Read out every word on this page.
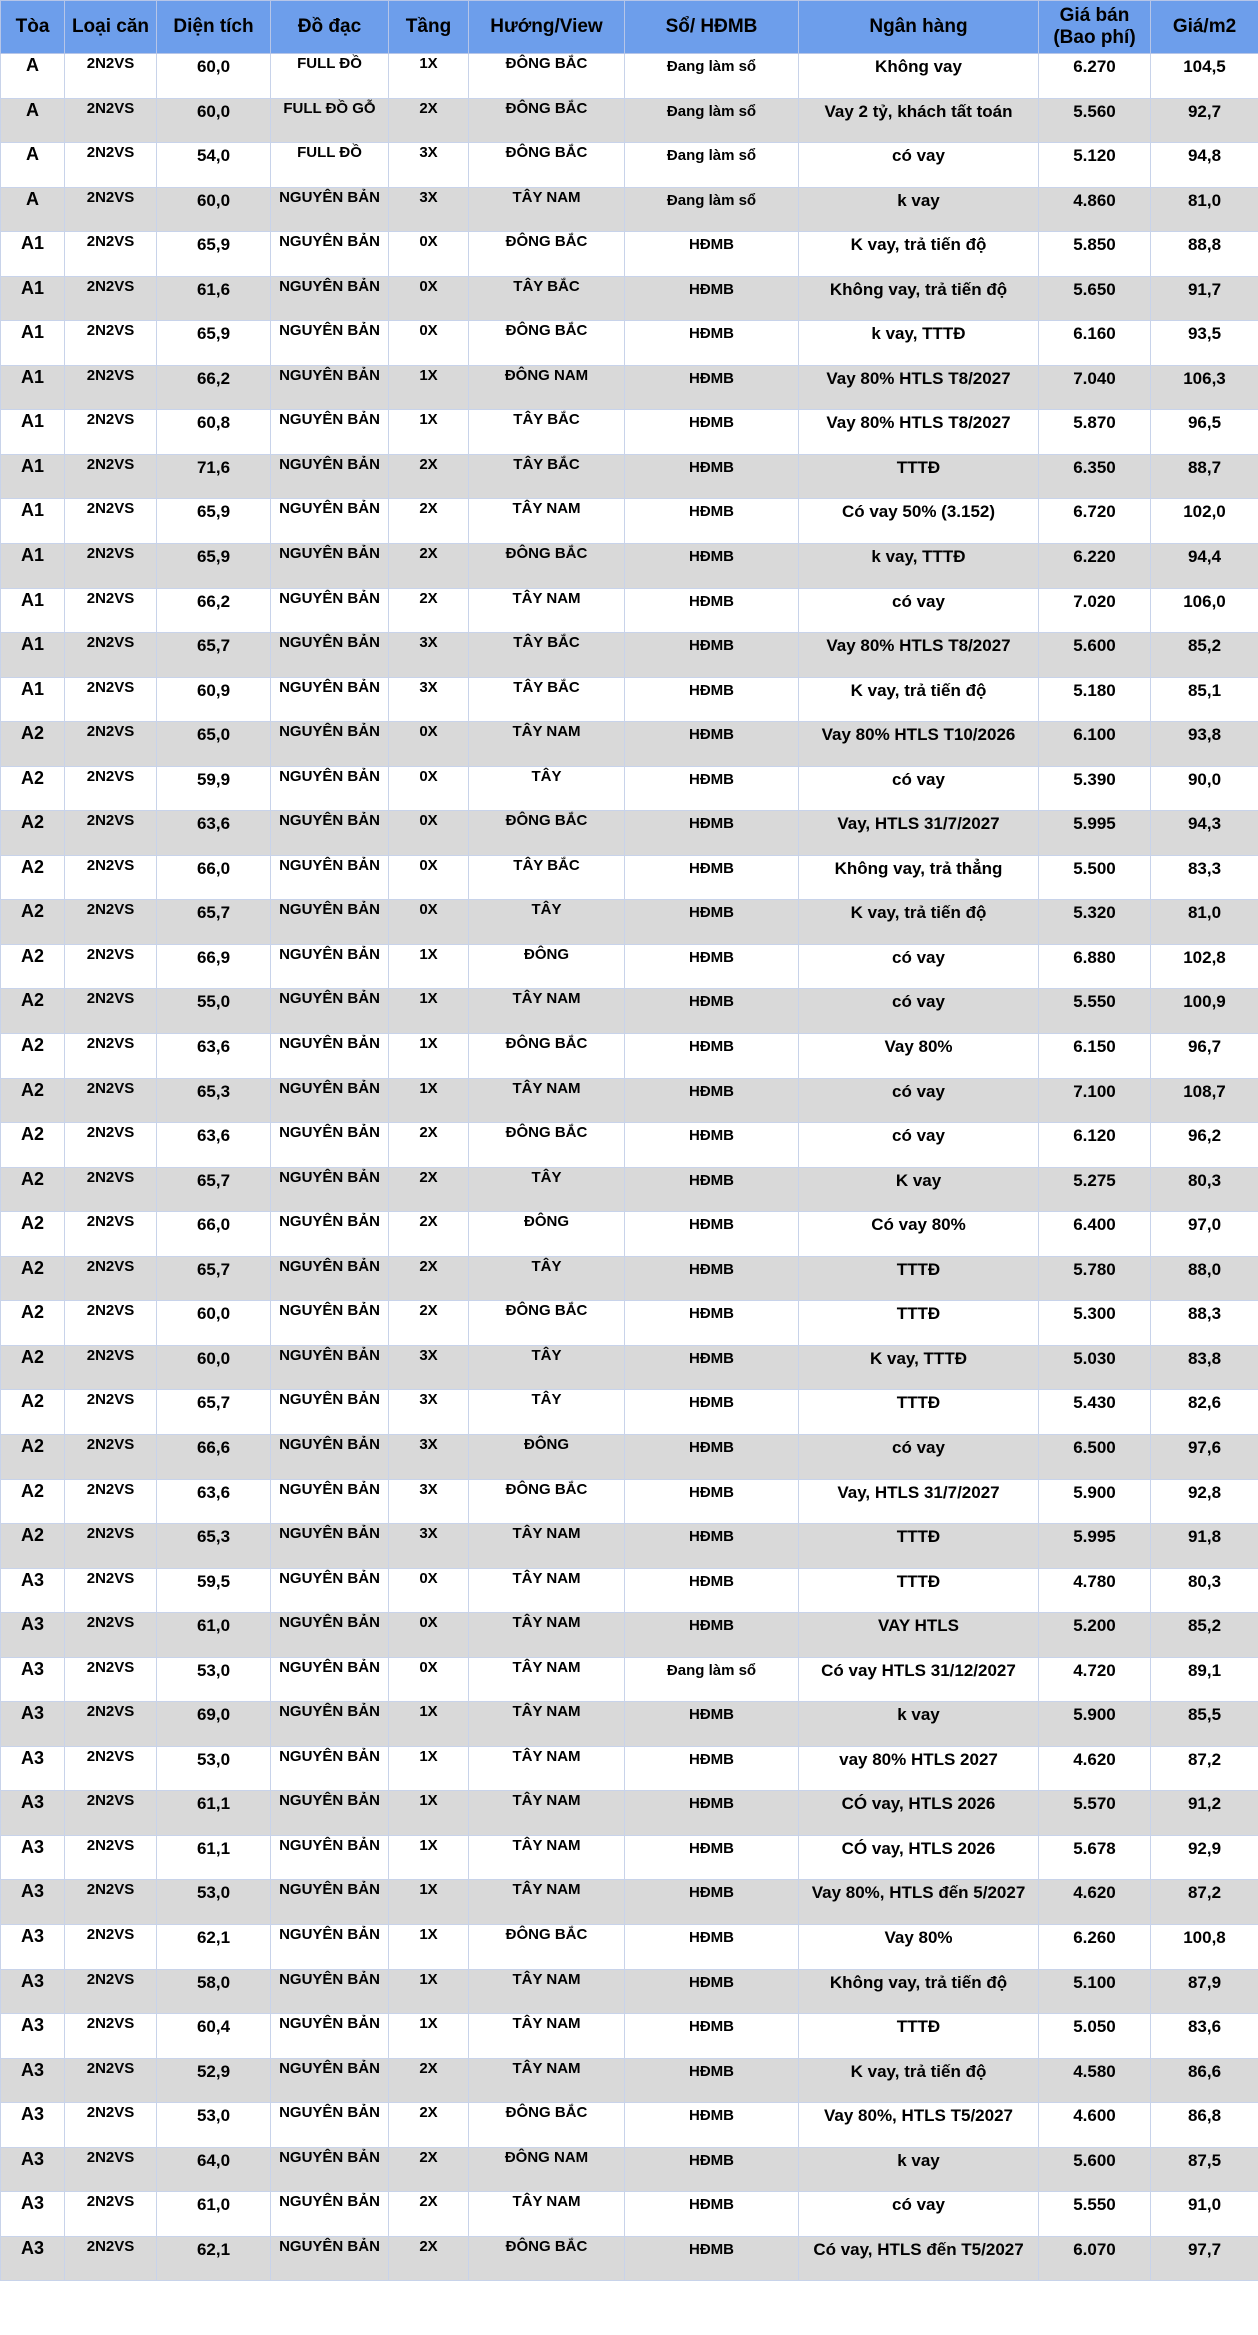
Tòa	Loại căn	Diện tích	Đồ đạc	Tầng	Hướng/View	Sổ/ HĐMB	Ngân hàng	Giá bán (Bao phí)	Giá/m2
A	2N2VS	60,0	FULL ĐỒ	1X	ĐÔNG BẮC	Đang làm sổ	Không vay	6.270	104,5
A	2N2VS	60,0	FULL ĐỒ GỖ	2X	ĐÔNG BẮC	Đang làm sổ	Vay 2 tỷ, khách tất toán	5.560	92,7
A	2N2VS	54,0	FULL ĐỒ	3X	ĐÔNG BẮC	Đang làm sổ	có vay	5.120	94,8
A	2N2VS	60,0	NGUYÊN BẢN	3X	TÂY NAM	Đang làm sổ	k vay	4.860	81,0
A1	2N2VS	65,9	NGUYÊN BẢN	0X	ĐÔNG BẮC	HĐMB	K vay, trả tiến độ	5.850	88,8
A1	2N2VS	61,6	NGUYÊN BẢN	0X	TÂY BẮC	HĐMB	Không vay, trả tiến độ	5.650	91,7
A1	2N2VS	65,9	NGUYÊN BẢN	0X	ĐÔNG BẮC	HĐMB	k vay, TTTĐ	6.160	93,5
A1	2N2VS	66,2	NGUYÊN BẢN	1X	ĐÔNG NAM	HĐMB	Vay 80% HTLS T8/2027	7.040	106,3
A1	2N2VS	60,8	NGUYÊN BẢN	1X	TÂY BẮC	HĐMB	Vay 80% HTLS T8/2027	5.870	96,5
A1	2N2VS	71,6	NGUYÊN BẢN	2X	TÂY BẮC	HĐMB	TTTĐ	6.350	88,7
A1	2N2VS	65,9	NGUYÊN BẢN	2X	TÂY NAM	HĐMB	Có vay 50% (3.152)	6.720	102,0
A1	2N2VS	65,9	NGUYÊN BẢN	2X	ĐÔNG BẮC	HĐMB	k vay, TTTĐ	6.220	94,4
A1	2N2VS	66,2	NGUYÊN BẢN	2X	TÂY NAM	HĐMB	có vay	7.020	106,0
A1	2N2VS	65,7	NGUYÊN BẢN	3X	TÂY BẮC	HĐMB	Vay 80% HTLS T8/2027	5.600	85,2
A1	2N2VS	60,9	NGUYÊN BẢN	3X	TÂY BẮC	HĐMB	K vay, trả tiến độ	5.180	85,1
A2	2N2VS	65,0	NGUYÊN BẢN	0X	TÂY NAM	HĐMB	Vay 80% HTLS T10/2026	6.100	93,8
A2	2N2VS	59,9	NGUYÊN BẢN	0X	TÂY	HĐMB	có vay	5.390	90,0
A2	2N2VS	63,6	NGUYÊN BẢN	0X	ĐÔNG BẮC	HĐMB	Vay, HTLS 31/7/2027	5.995	94,3
A2	2N2VS	66,0	NGUYÊN BẢN	0X	TÂY BẮC	HĐMB	Không vay, trả thẳng	5.500	83,3
A2	2N2VS	65,7	NGUYÊN BẢN	0X	TÂY	HĐMB	K vay, trả tiến độ	5.320	81,0
A2	2N2VS	66,9	NGUYÊN BẢN	1X	ĐÔNG	HĐMB	có vay	6.880	102,8
A2	2N2VS	55,0	NGUYÊN BẢN	1X	TÂY NAM	HĐMB	có vay	5.550	100,9
A2	2N2VS	63,6	NGUYÊN BẢN	1X	ĐÔNG BẮC	HĐMB	Vay 80%	6.150	96,7
A2	2N2VS	65,3	NGUYÊN BẢN	1X	TÂY NAM	HĐMB	có vay	7.100	108,7
A2	2N2VS	63,6	NGUYÊN BẢN	2X	ĐÔNG BẮC	HĐMB	có vay	6.120	96,2
A2	2N2VS	65,7	NGUYÊN BẢN	2X	TÂY	HĐMB	K vay	5.275	80,3
A2	2N2VS	66,0	NGUYÊN BẢN	2X	ĐÔNG	HĐMB	Có vay 80%	6.400	97,0
A2	2N2VS	65,7	NGUYÊN BẢN	2X	TÂY	HĐMB	TTTĐ	5.780	88,0
A2	2N2VS	60,0	NGUYÊN BẢN	2X	ĐÔNG BẮC	HĐMB	TTTĐ	5.300	88,3
A2	2N2VS	60,0	NGUYÊN BẢN	3X	TÂY	HĐMB	K vay, TTTĐ	5.030	83,8
A2	2N2VS	65,7	NGUYÊN BẢN	3X	TÂY	HĐMB	TTTĐ	5.430	82,6
A2	2N2VS	66,6	NGUYÊN BẢN	3X	ĐÔNG	HĐMB	có vay	6.500	97,6
A2	2N2VS	63,6	NGUYÊN BẢN	3X	ĐÔNG BẮC	HĐMB	Vay, HTLS 31/7/2027	5.900	92,8
A2	2N2VS	65,3	NGUYÊN BẢN	3X	TÂY NAM	HĐMB	TTTĐ	5.995	91,8
A3	2N2VS	59,5	NGUYÊN BẢN	0X	TÂY NAM	HĐMB	TTTĐ	4.780	80,3
A3	2N2VS	61,0	NGUYÊN BẢN	0X	TÂY NAM	HĐMB	VAY HTLS	5.200	85,2
A3	2N2VS	53,0	NGUYÊN BẢN	0X	TÂY NAM	Đang làm sổ	Có vay HTLS 31/12/2027	4.720	89,1
A3	2N2VS	69,0	NGUYÊN BẢN	1X	TÂY NAM	HĐMB	k vay	5.900	85,5
A3	2N2VS	53,0	NGUYÊN BẢN	1X	TÂY NAM	HĐMB	vay 80% HTLS 2027	4.620	87,2
A3	2N2VS	61,1	NGUYÊN BẢN	1X	TÂY NAM	HĐMB	CÓ vay, HTLS 2026	5.570	91,2
A3	2N2VS	61,1	NGUYÊN BẢN	1X	TÂY NAM	HĐMB	CÓ vay, HTLS 2026	5.678	92,9
A3	2N2VS	53,0	NGUYÊN BẢN	1X	TÂY NAM	HĐMB	Vay 80%, HTLS đến 5/2027	4.620	87,2
A3	2N2VS	62,1	NGUYÊN BẢN	1X	ĐÔNG BẮC	HĐMB	Vay 80%	6.260	100,8
A3	2N2VS	58,0	NGUYÊN BẢN	1X	TÂY NAM	HĐMB	Không vay, trả tiến độ	5.100	87,9
A3	2N2VS	60,4	NGUYÊN BẢN	1X	TÂY NAM	HĐMB	TTTĐ	5.050	83,6
A3	2N2VS	52,9	NGUYÊN BẢN	2X	TÂY NAM	HĐMB	K vay, trả tiến độ	4.580	86,6
A3	2N2VS	53,0	NGUYÊN BẢN	2X	ĐÔNG BẮC	HĐMB	Vay 80%, HTLS T5/2027	4.600	86,8
A3	2N2VS	64,0	NGUYÊN BẢN	2X	ĐÔNG NAM	HĐMB	k vay	5.600	87,5
A3	2N2VS	61,0	NGUYÊN BẢN	2X	TÂY NAM	HĐMB	có vay	5.550	91,0
A3	2N2VS	62,1	NGUYÊN BẢN	2X	ĐÔNG BẮC	HĐMB	Có vay, HTLS đến T5/2027	6.070	97,7
